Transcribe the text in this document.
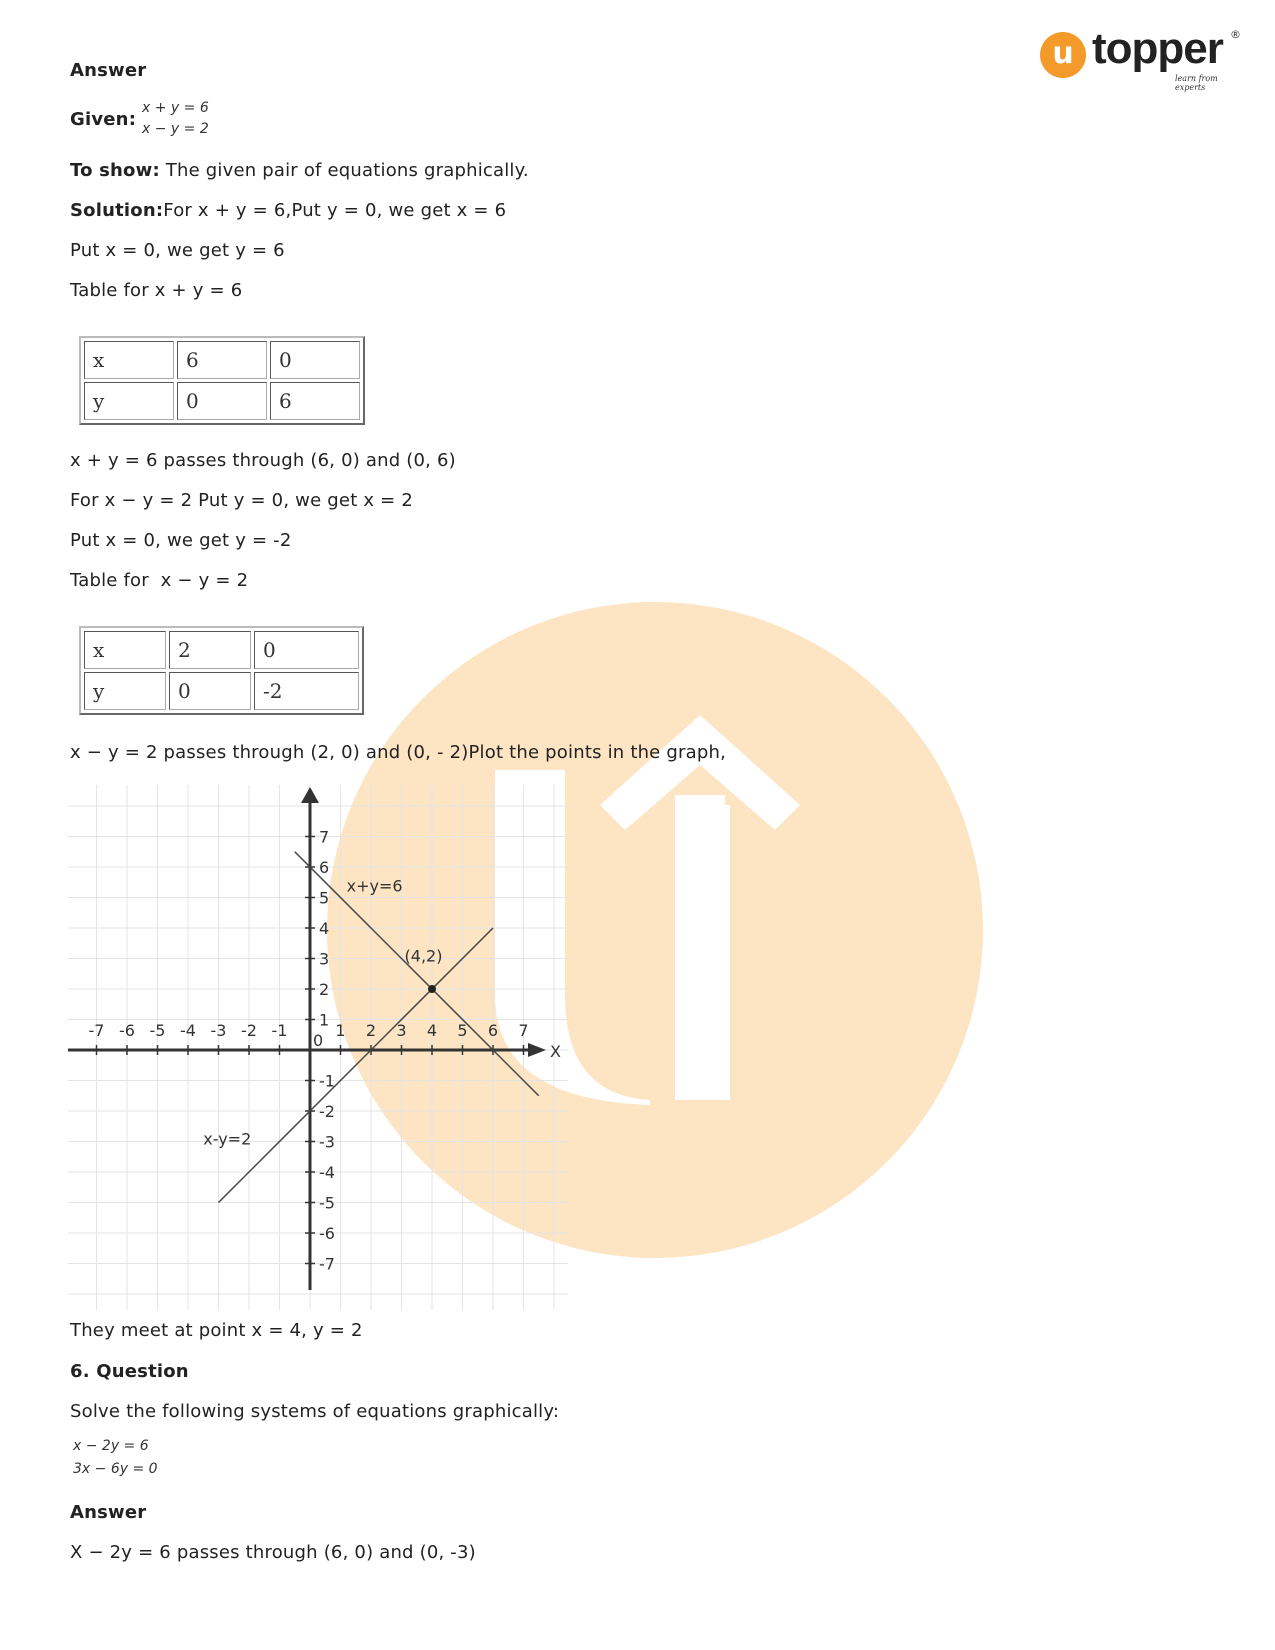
u topper ®
learn from experts
Answer
Given:
x + y = 6
x − y = 2
To show: The given pair of equations graphically.
Solution:For x + y = 6,Put y = 0, we get x = 6
Put x = 0, we get y = 6
Table for x + y = 6
x	6	0
y	0	6
x + y = 6 passes through (6, 0) and (0, 6)
For x − y = 2 Put y = 0, we get x = 2
Put x = 0, we get y = -2
Table for  x − y = 2
x	2	0
y	0	-2
x − y = 2 passes through (2, 0) and (0, - 2)Plot the points in the graph,
-7 -6 -5 -4 -3 -2 -1	1 2 3 4 5 6 7
7
6
5
4
3
2
1
-1
-2
-3
-4
-5
-6
-7
0
x+y=6
x-y=2
(4,2)
X
They meet at point x = 4, y = 2
6. Question
Solve the following systems of equations graphically:
x − 2y = 6
3x − 6y = 0
Answer
X − 2y = 6 passes through (6, 0) and (0, -3)
